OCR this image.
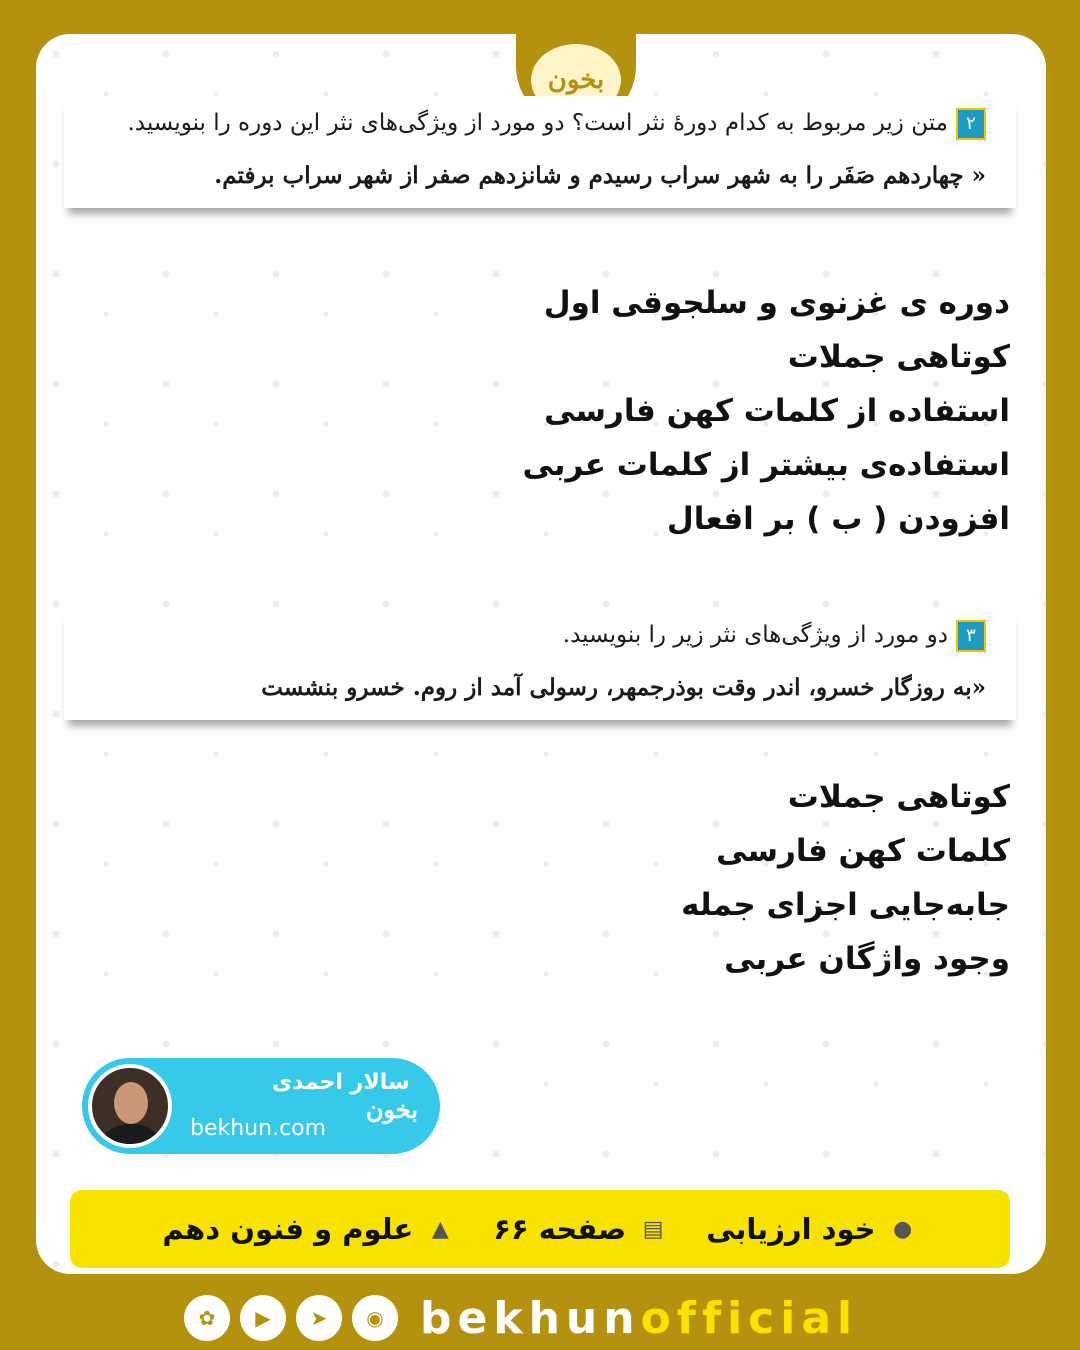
بخون
۲متن زیر مربوط به کدام دورهٔ نثر است؟ دو مورد از ویژگی‌های نثر این دوره را بنویسید.
« چهاردهم صَفَر را به شهر سراب رسیدم و شانزدهم صفر از شهر سراب برفتم.
دوره ی غزنوی و سلجوقی اول
کوتاهی جملات
استفاده از کلمات کهن فارسی
استفاده‌ی بیشتر از کلمات عربی
افزودن ( ب ) بر افعال
۳دو مورد از ویژگی‌های نثر زیر را بنویسید.
«به روزگار خسرو، اندر وقت بوذرجمهر، رسولی آمد از روم. خسرو بنشست
کوتاهی جملات
کلمات کهن فارسی
جابه‌جایی اجزای جمله
وجود واژگان عربی
سالار احمدی
bekhun.com
بخون
●
خود ارزیابی
▤
صفحه ۶۶
▲
علوم و فنون دهم
✿	▶	➤	◉ bekhunofficial
